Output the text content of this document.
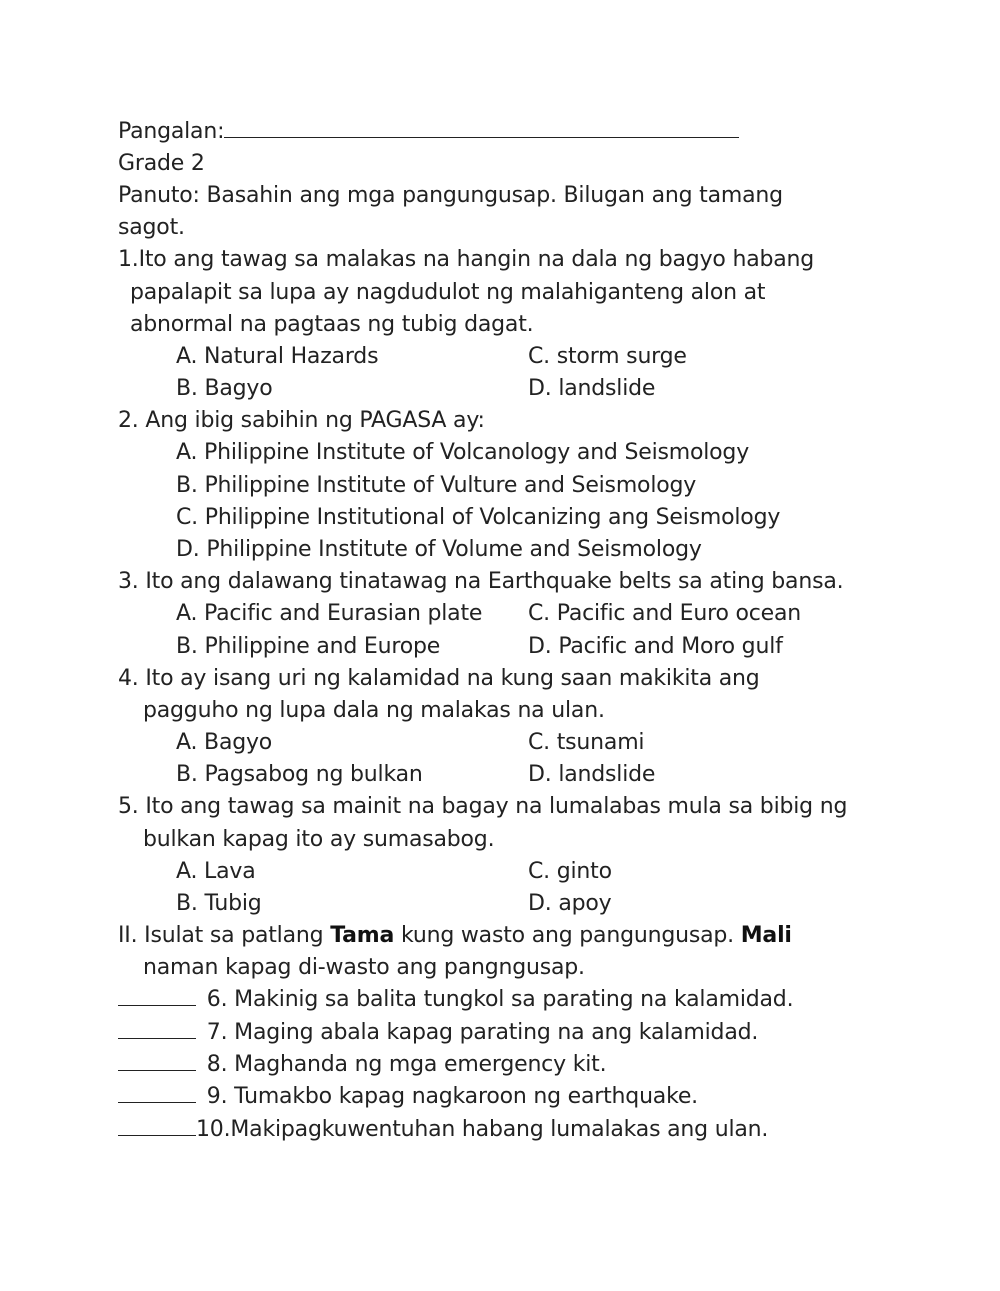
Pangalan:
Grade 2
Panuto: Basahin ang mga pangungusap. Bilugan ang tamang
sagot.
1.Ito ang tawag sa malakas na hangin na dala ng bagyo habang
papalapit sa lupa ay nagdudulot ng malahiganteng alon at
abnormal na pagtaas ng tubig dagat.
A. Natural Hazards	C. storm surge
B. Bagyo	D. landslide
2. Ang ibig sabihin ng PAGASA ay:
A. Philippine Institute of Volcanology and Seismology
B. Philippine Institute of Vulture and Seismology
C. Philippine Institutional of Volcanizing ang Seismology
D. Philippine Institute of Volume and Seismology
3. Ito ang dalawang tinatawag na Earthquake belts sa ating bansa.
A. Pacific and Eurasian plate C. Pacific and Euro ocean
B. Philippine and Europe	D. Pacific and Moro gulf
4. Ito ay isang uri ng kalamidad na kung saan makikita ang
pagguho ng lupa dala ng malakas na ulan.
A. Bagyo	C. tsunami
B. Pagsabog ng bulkan	D. landslide
5. Ito ang tawag sa mainit na bagay na lumalabas mula sa bibig ng
bulkan kapag ito ay sumasabog.
A. Lava	C. ginto
B. Tubig	D. apoy
II. Isulat sa patlang Tama kung wasto ang pangungusap. Mali
naman kapag di-wasto ang pangngusap.
6. Makinig sa balita tungkol sa parating na kalamidad.
7. Maging abala kapag parating na ang kalamidad.
8. Maghanda ng mga emergency kit.
9. Tumakbo kapag nagkaroon ng earthquake.
10.Makipagkuwentuhan habang lumalakas ang ulan.
